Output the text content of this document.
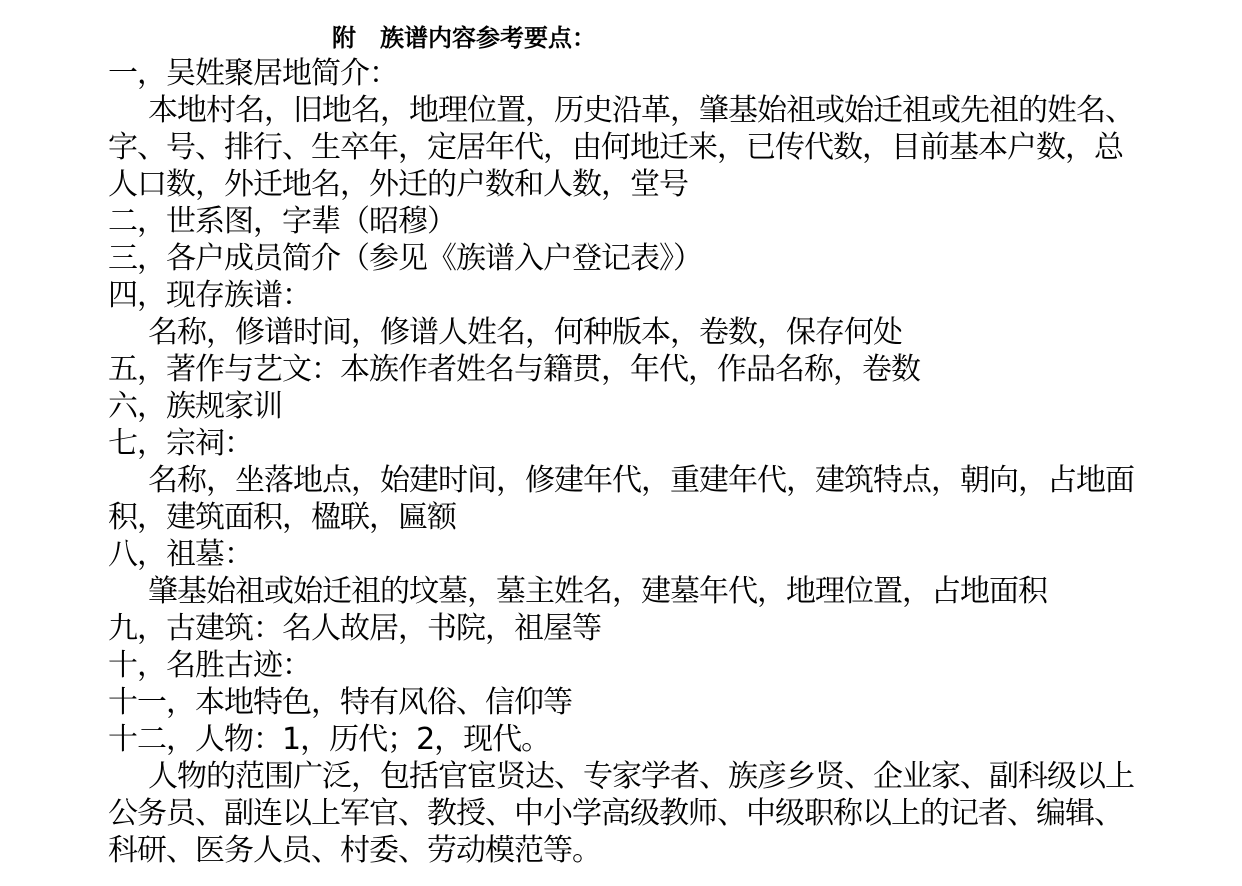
附　族谱内容参考要点：
一，吴姓聚居地简介：
本地村名，旧地名，地理位置，历史沿革，肇基始祖或始迁祖或先祖的姓名、字、号、排行、生卒年，定居年代，由何地迁来，已传代数，目前基本户数，总人口数，外迁地名，外迁的户数和人数，堂号
二，世系图，字辈（昭穆）
三，各户成员简介（参见《族谱入户登记表》）
四，现存族谱：
名称，修谱时间，修谱人姓名，何种版本，卷数，保存何处
五，著作与艺文：本族作者姓名与籍贯，年代，作品名称，卷数
六，族规家训
七，宗祠：
名称，坐落地点，始建时间，修建年代，重建年代，建筑特点，朝向，占地面积，建筑面积，楹联，匾额
八，祖墓：
肇基始祖或始迁祖的坟墓，墓主姓名，建墓年代，地理位置，占地面积
九，古建筑：名人故居，书院，祖屋等
十，名胜古迹：
十一，本地特色，特有风俗、信仰等
十二，人物：1，历代；2，现代。
人物的范围广泛，包括官宦贤达、专家学者、族彦乡贤、企业家、副科级以上公务员、副连以上军官、教授、中小学高级教师、中级职称以上的记者、编辑、科研、医务人员、村委、劳动模范等。
